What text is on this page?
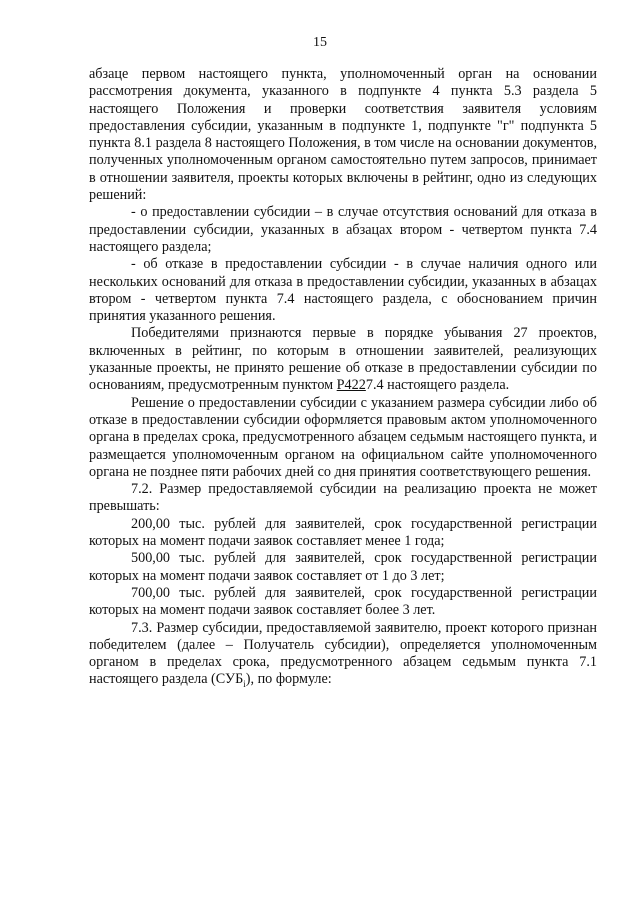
15

абзаце первом настоящего пункта, уполномоченный орган на основании рассмотрения документа, указанного в подпункте 4 пункта 5.3 раздела 5 настоящего Положения и проверки соответствия заявителя условиям предоставления субсидии, указанным в подпункте 1, подпункте "г" подпункта 5 пункта 8.1 раздела 8 настоящего Положения, в том числе на основании документов, полученных уполномоченным органом самостоятельно путем запросов, принимает в отношении заявителя, проекты которых включены в рейтинг, одно из следующих решений:

- о предоставлении субсидии – в случае отсутствия оснований для отказа в предоставлении субсидии, указанных в абзацах втором - четвертом пункта 7.4 настоящего раздела;

- об отказе в предоставлении субсидии - в случае наличия одного или нескольких оснований для отказа в предоставлении субсидии, указанных в абзацах втором - четвертом пункта 7.4 настоящего раздела, с обоснованием причин принятия указанного решения.

Победителями признаются первые в порядке убывания 27 проектов, включенных в рейтинг, по которым в отношении заявителей, реализующих указанные проекты, не принято решение об отказе в предоставлении субсидии по основаниям, предусмотренным пунктом P4227.4 настоящего раздела.

Решение о предоставлении субсидии с указанием размера субсидии либо об отказе в предоставлении субсидии оформляется правовым актом уполномоченного органа в пределах срока, предусмотренного абзацем седьмым настоящего пункта, и размещается уполномоченным органом на официальном сайте уполномоченного органа не позднее пяти рабочих дней со дня принятия соответствующего решения.

7.2. Размер предоставляемой субсидии на реализацию проекта не может превышать:

200,00 тыс. рублей для заявителей, срок государственной регистрации которых на момент подачи заявок составляет менее 1 года;

500,00 тыс. рублей для заявителей, срок государственной регистрации которых на момент подачи заявок составляет от 1 до 3 лет;

700,00 тыс. рублей для заявителей, срок государственной регистрации которых на момент подачи заявок составляет более 3 лет.

7.3. Размер субсидии, предоставляемой заявителю, проект которого признан победителем (далее – Получатель субсидии), определяется уполномоченным органом в пределах срока, предусмотренного абзацем седьмым пункта 7.1 настоящего раздела $(СУБ_i)$, по формуле:
